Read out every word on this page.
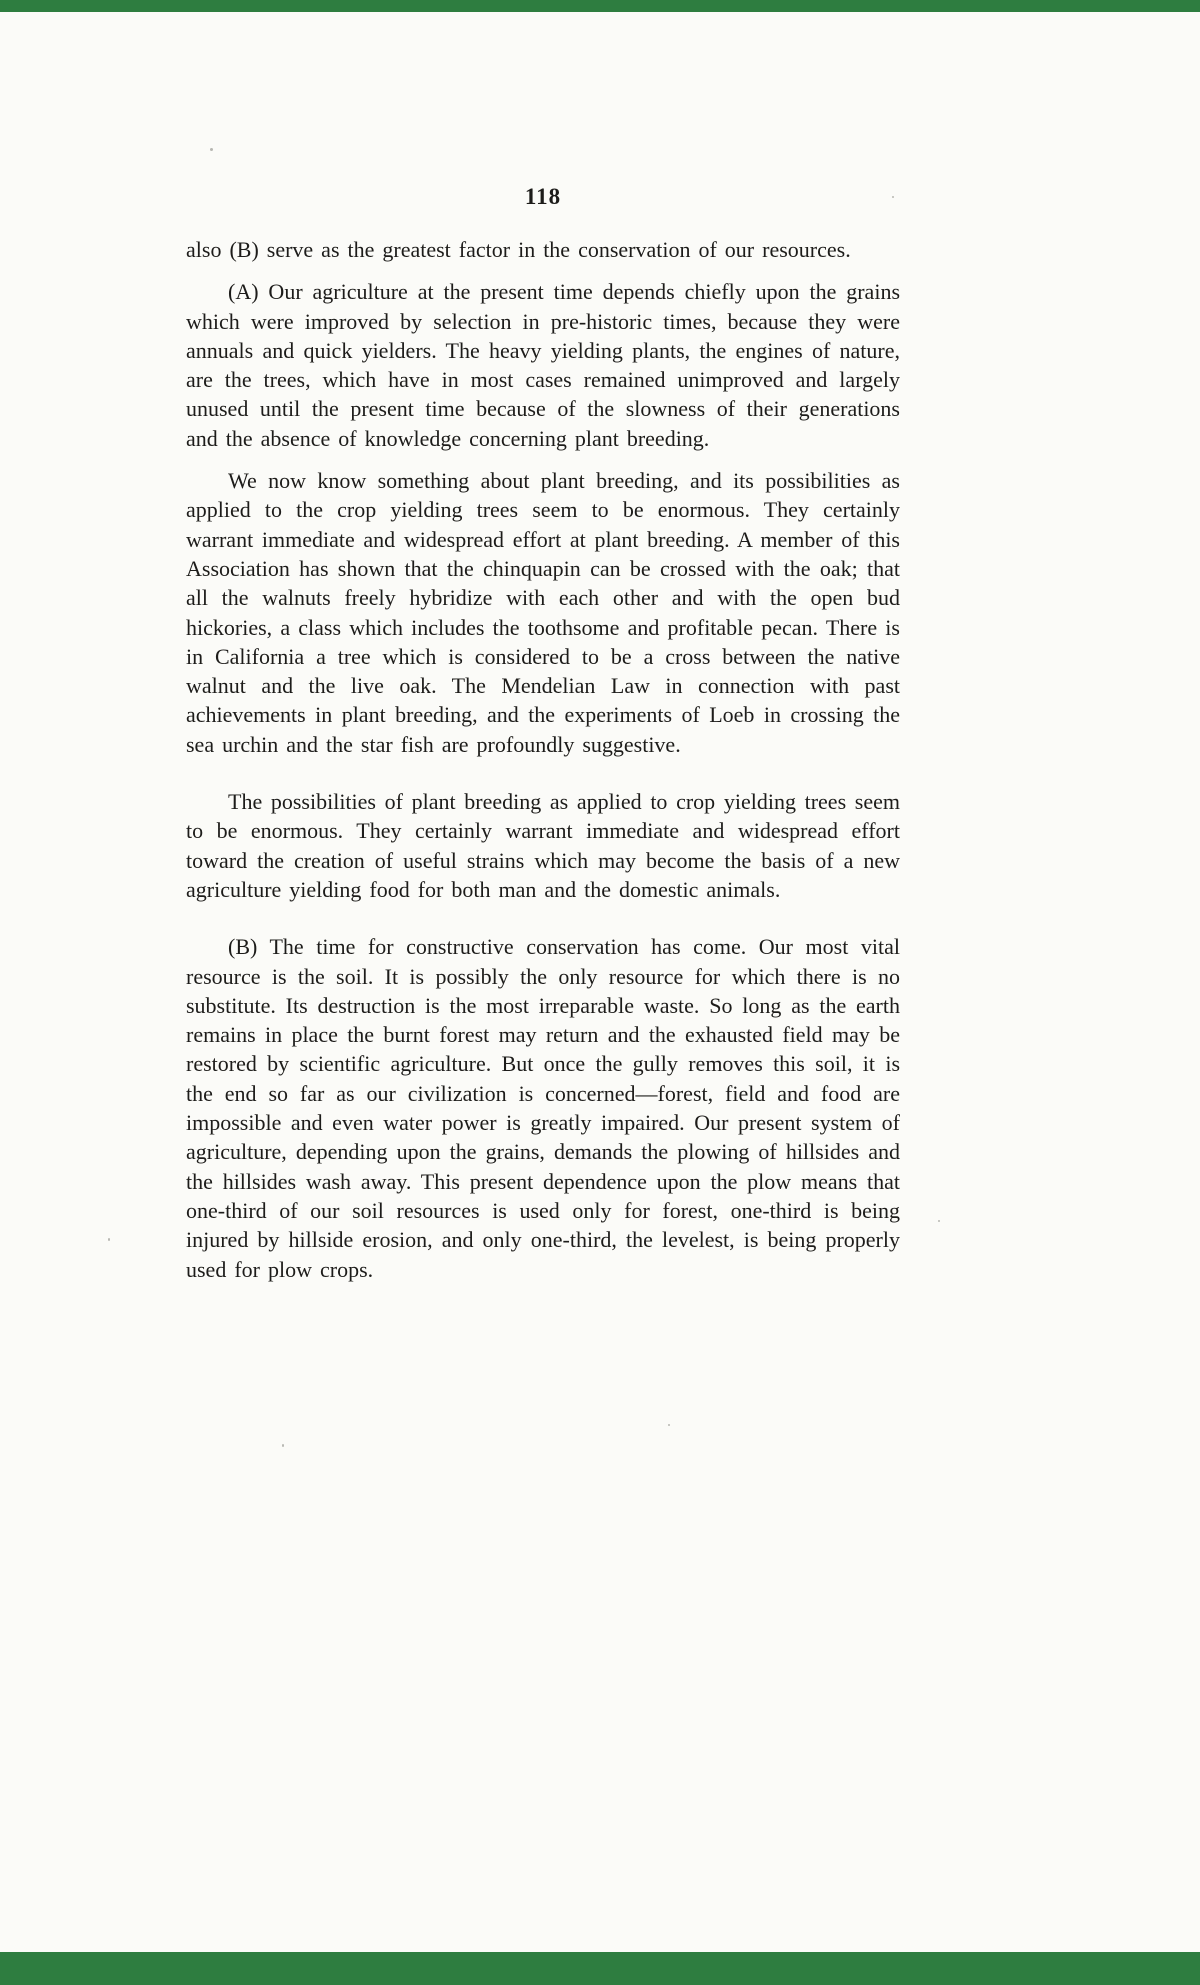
118

also (B) serve as the greatest factor in the conservation of our resources.

(A) Our agriculture at the present time depends chiefly upon the grains which were improved by selection in pre-historic times, because they were annuals and quick yielders. The heavy yielding plants, the engines of nature, are the trees, which have in most cases remained unimproved and largely unused until the present time because of the slowness of their generations and the absence of knowledge concerning plant breeding.

We now know something about plant breeding, and its possibilities as applied to the crop yielding trees seem to be enormous. They certainly warrant immediate and widespread effort at plant breeding. A member of this Association has shown that the chinquapin can be crossed with the oak; that all the walnuts freely hybridize with each other and with the open bud hickories, a class which includes the toothsome and profitable pecan. There is in California a tree which is considered to be a cross between the native walnut and the live oak. The Mendelian Law in connection with past achievements in plant breeding, and the experiments of Loeb in crossing the sea urchin and the star fish are profoundly suggestive.

The possibilities of plant breeding as applied to crop yielding trees seem to be enormous. They certainly warrant immediate and widespread effort toward the creation of useful strains which may become the basis of a new agriculture yielding food for both man and the domestic animals.

(B) The time for constructive conservation has come. Our most vital resource is the soil. It is possibly the only resource for which there is no substitute. Its destruction is the most irreparable waste. So long as the earth remains in place the burnt forest may return and the exhausted field may be restored by scientific agriculture. But once the gully removes this soil, it is the end so far as our civilization is concerned—forest, field and food are impossible and even water power is greatly impaired. Our present system of agriculture, depending upon the grains, demands the plowing of hillsides and the hillsides wash away. This present dependence upon the plow means that one-third of our soil resources is used only for forest, one-third is being injured by hillside erosion, and only one-third, the levelest, is being properly used for plow crops.
